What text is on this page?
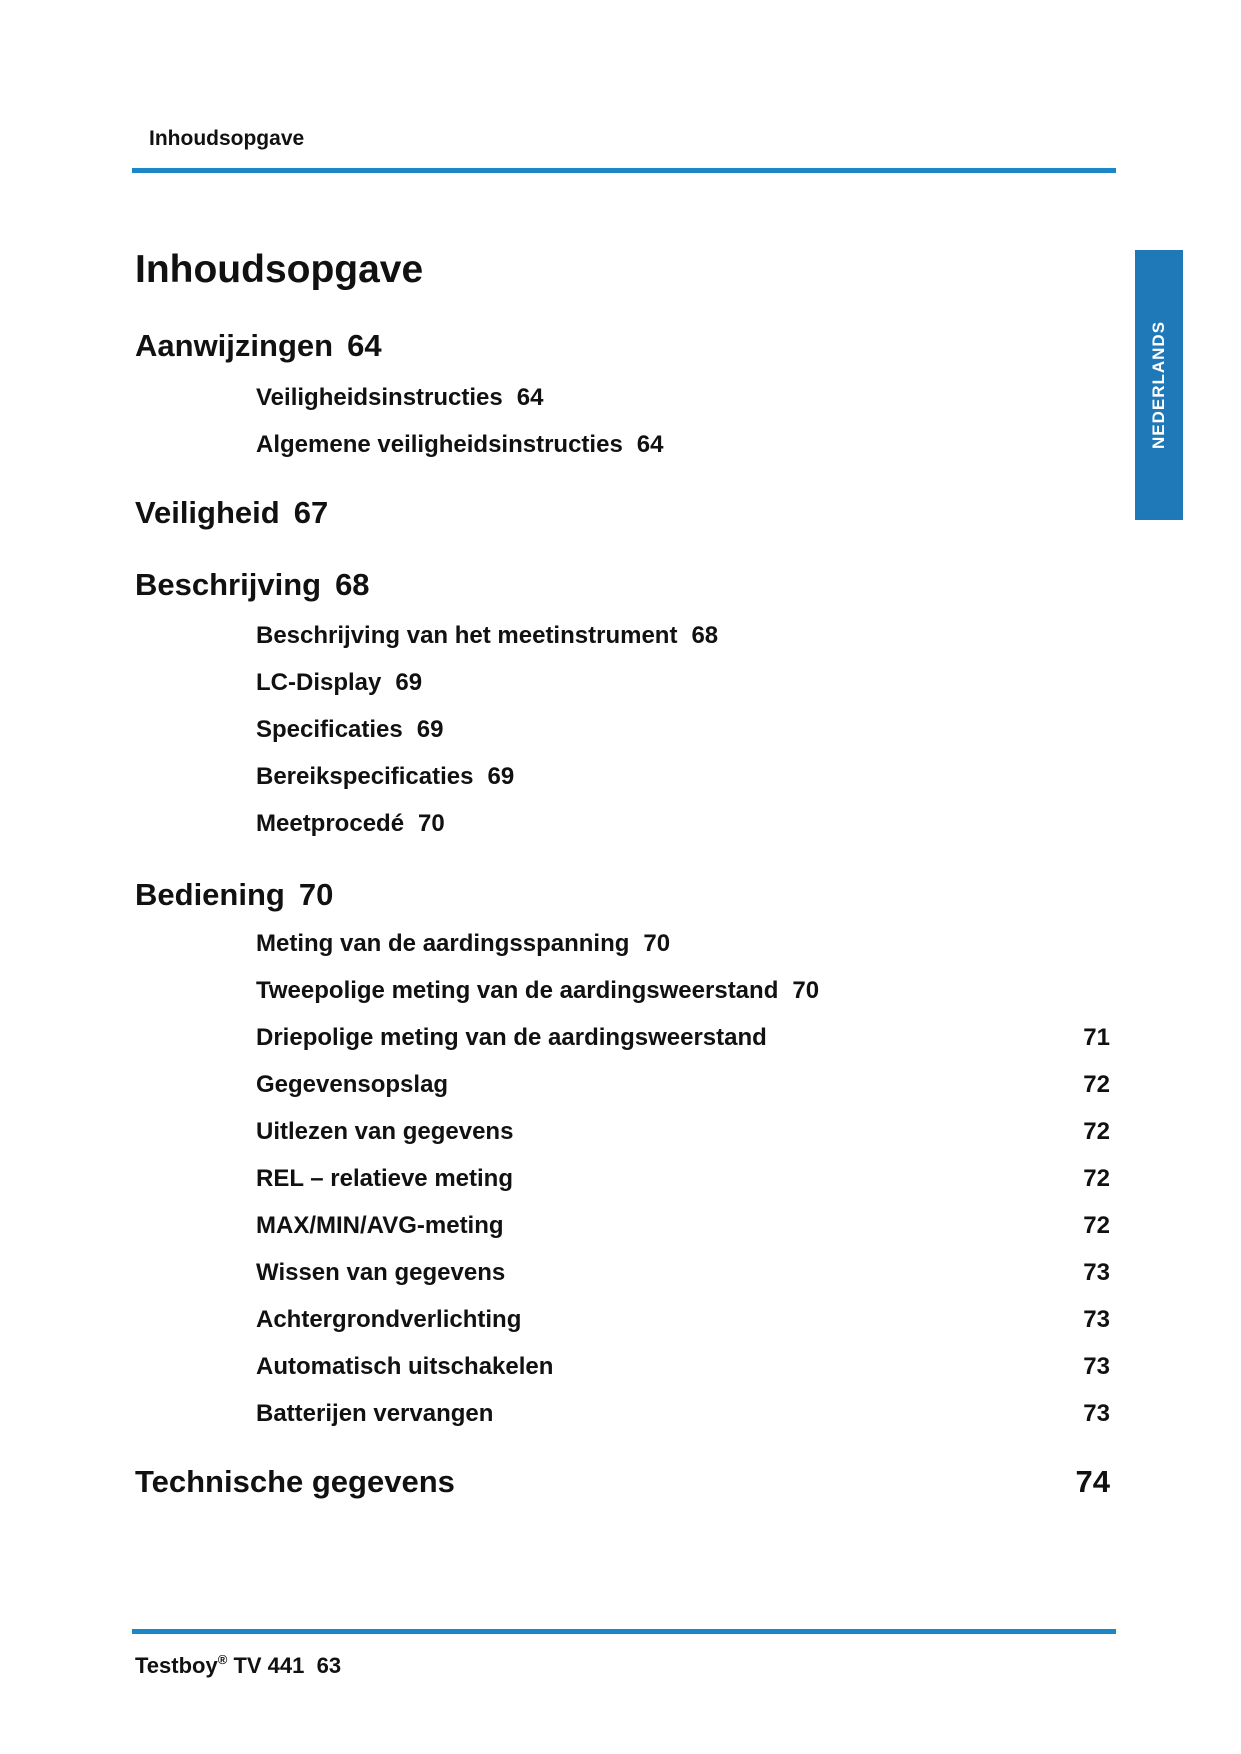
Inhoudsopgave
NEDERLANDS
Inhoudsopgave
Aanwijzingen 64
Veiligheidsinstructies 64
Algemene veiligheidsinstructies 64
Veiligheid 67
Beschrijving 68
Beschrijving van het meetinstrument 68
LC-Display 69
Specificaties 69
Bereikspecificaties 69
Meetprocedé 70
Bediening 70
Meting van de aardingsspanning 70
Tweepolige meting van de aardingsweerstand 70
Driepolige meting van de aardingsweerstand	71
Gegevensopslag	72
Uitlezen van gegevens	72
REL – relatieve meting	72
MAX/MIN/AVG-meting	72
Wissen van gegevens	73
Achtergrondverlichting	73
Automatisch uitschakelen	73
Batterijen vervangen	73
Technische gegevens	74
Testboy® TV 441 63
